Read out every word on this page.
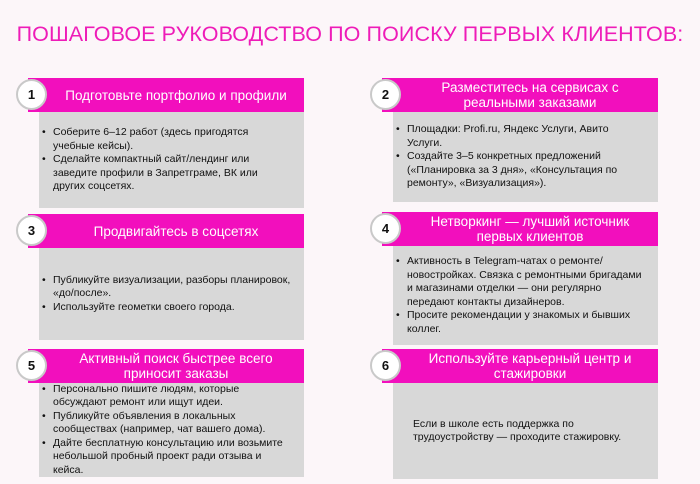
ПОШАГОВОЕ РУКОВОДСТВО ПО ПОИСКУ ПЕРВЫХ КЛИЕНТОВ:
Подготовьте портфолио и профили
1
• Соберите 6–12 работ (здесь пригодятся учебные кейсы).
• Сделайте компактный сайт/лендинг или заведите профили в Запретграме, ВК или других соцсетях.
Разместитесь на сервисах с реальными заказами
2
• Площадки: Profi.ru, Яндекс Услуги, Авито Услуги.
• Создайте 3–5 конкретных предложений («Планировка за 3 дня», «Консультация по ремонту», «Визуализация»).
Продвигайтесь в соцсетях
3
• Публикуйте визуализации, разборы планировок, «до/после».
• Используйте геометки своего города.
Нетворкинг — лучший источник первых клиентов
4
• Активность в Telegram-чатах о ремонте/ новостройках. Связка с ремонтными бригадами и магазинами отделки — они регулярно передают контакты дизайнеров.
• Просите рекомендации у знакомых и бывших коллег.
Активный поиск быстрее всего приносит заказы
5
• Персонально пишите людям, которые обсуждают ремонт или ищут идеи.
• Публикуйте объявления в локальных сообществах (например, чат вашего дома).
• Дайте бесплатную консультацию или возьмите небольшой пробный проект ради отзыва и кейса.
Используйте карьерный центр и стажировки
6
Если в школе есть поддержка по трудоустройству — проходите стажировку.
